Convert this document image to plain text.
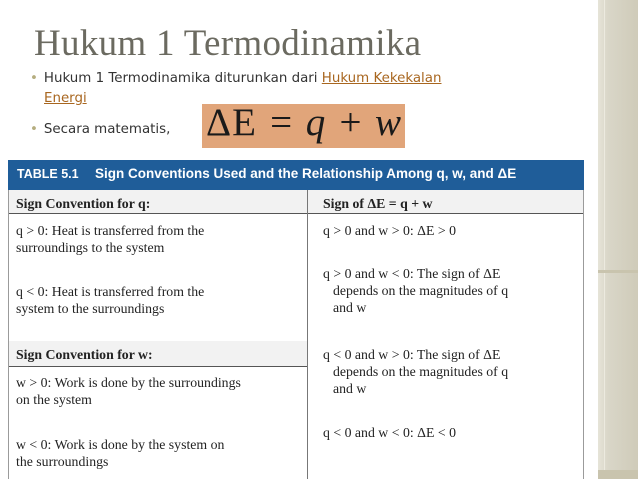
Hukum 1 Termodinamika
• Hukum 1 Termodinamika diturunkan dari Hukum Kekekalan
Energi
• Secara matematis, ΔE = q + w
TABLE 5.1 Sign Conventions Used and the Relationship Among q, w, and ΔE
Sign Convention for q:
q > 0: Heat is transferred from the
surroundings to the system
q < 0: Heat is transferred from the
system to the surroundings
Sign Convention for w:
w > 0: Work is done by the surroundings
on the system
w < 0: Work is done by the system on
the surroundings
Sign of ΔE = q + w
q > 0 and w > 0: ΔE > 0
q > 0 and w < 0: The sign of ΔE
depends on the magnitudes of q
and w
q < 0 and w > 0: The sign of ΔE
depends on the magnitudes of q
and w
q < 0 and w < 0: ΔE < 0
